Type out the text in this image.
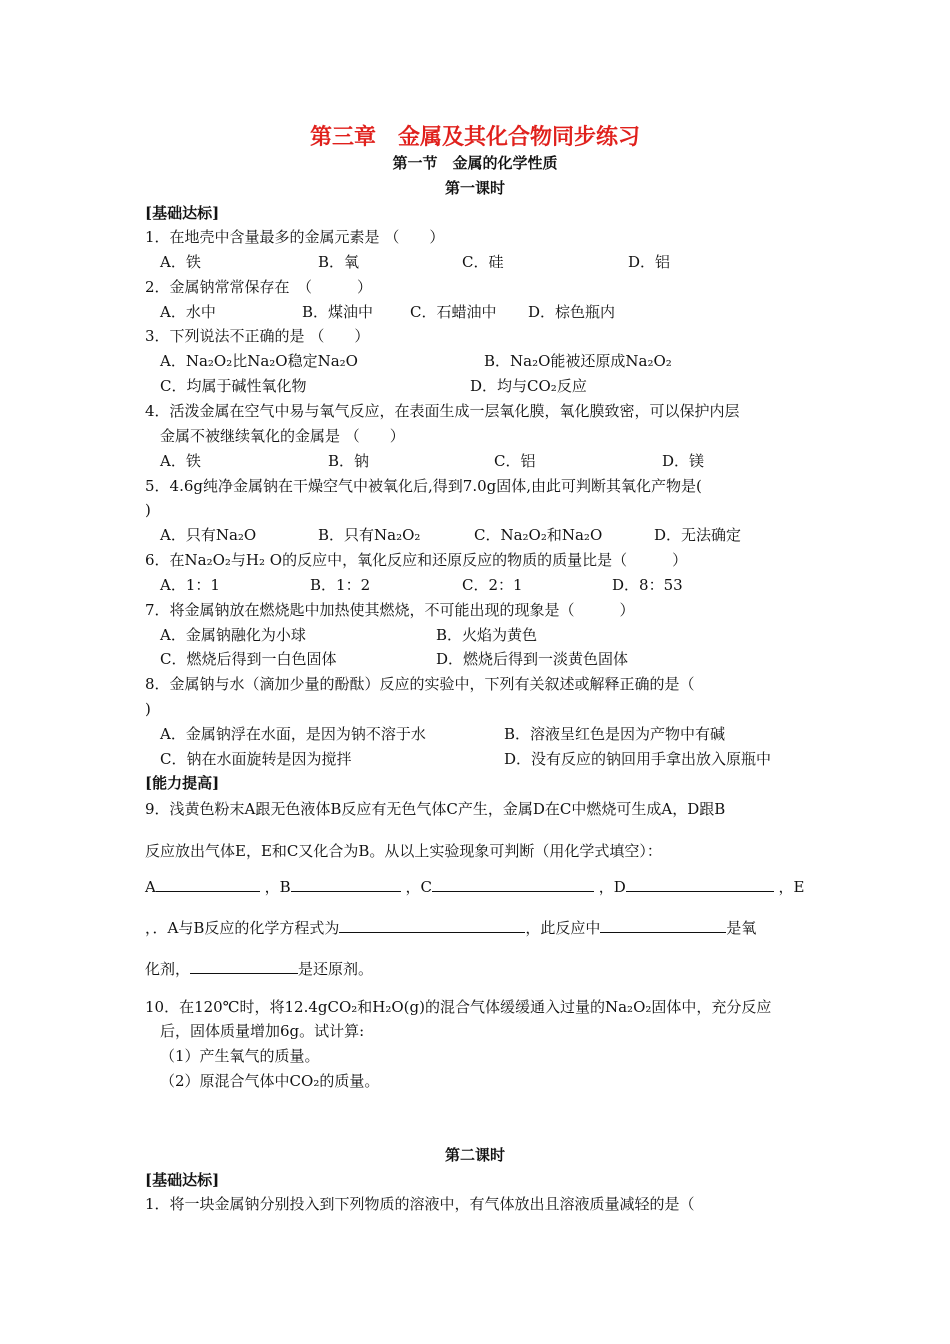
第三章　金属及其化合物同步练习
第一节　金属的化学性质
第一课时
[基础达标]
1．在地壳中含量最多的金属元素是 （　　）
A．铁	B．氧	C．硅	D．铝
2．金属钠常常保存在　（　　　）
A．水中	B．煤油中 C．石蜡油中 D．棕色瓶内
3．下列说法不正确的是 （　　）
A．Na₂O₂比Na₂O稳定Na₂O	B．Na₂O能被还原成Na₂O₂
C．均属于碱性氧化物	D．均与CO₂反应
4．活泼金属在空气中易与氧气反应，在表面生成一层氧化膜，氧化膜致密，可以保护内层
金属不被继续氧化的金属是 （　　）
A．铁	B．钠	C．铝	D．镁
5．4.6g纯净金属钠在干燥空气中被氧化后,得到7.0g固体,由此可判断其氧化产物是(
)
A．只有Na₂O	B．只有Na₂O₂	C．Na₂O₂和Na₂O	D．无法确定
6．在Na₂O₂与H₂ O的反应中，氧化反应和还原反应的物质的质量比是（　　　）
A．1：1	B．1：2	C．2：1	D．8：53
7．将金属钠放在燃烧匙中加热使其燃烧，不可能出现的现象是（　　　）
A．金属钠融化为小球	B．火焰为黄色
C．燃烧后得到一白色固体	D．燃烧后得到一淡黄色固体
8．金属钠与水（滴加少量的酚酞）反应的实验中，下列有关叙述或解释正确的是（
)
A．金属钠浮在水面，是因为钠不溶于水	B．溶液呈红色是因为产物中有碱
C．钠在水面旋转是因为搅拌	D．没有反应的钠回用手拿出放入原瓶中
[能力提高]
9．浅黄色粉末A跟无色液体B反应有无色气体C产生，金属D在C中燃烧可生成A，D跟B
反应放出气体E，E和C又化合为B。从以上实验现象可判断（用化学式填空）：
A	，B	，C	，D	，E
，．A与B反应的化学方程式为	，此反应中	是氧
化剂，	是还原剂。
10．在120℃时，将12.4gCO₂和H₂O(g)的混合气体缓缓通入过量的Na₂O₂固体中，充分反应
后，固体质量增加6g。试计算:
（1）产生氧气的质量。
（2）原混合气体中CO₂的质量。
第二课时
[基础达标]
1．将一块金属钠分别投入到下列物质的溶液中，有气体放出且溶液质量减轻的是（
